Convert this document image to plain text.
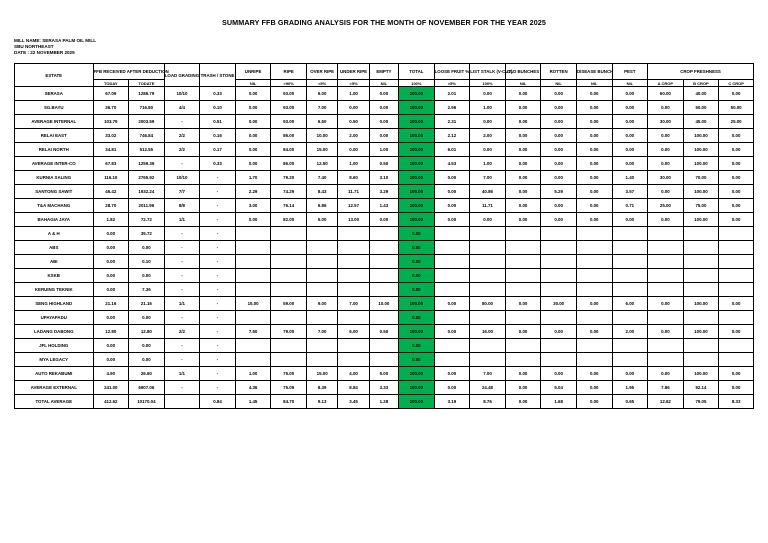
SUMMARY FFB GRADING ANALYSIS FOR THE MONTH OF NOVEMBER FOR THE YEAR 2025
MILL NAME: SERASA PALM OIL MILL
SBU NORTHEAST
DATE : 22 NOVEMBER 2025
ESTATE	FFB RECEIVED AFTER DEDUCTION		LOAD GRADING	TRASH / STONE	UNRIPE	RIPE	OVER RIPE	UNDER RIPE	EMPTY	TOTAL	LOOSE FRUIT %	LIST STALK (V-CUT)	OLD BUNCHES	ROTTEN	DISEASE BUNCH	PEST	CROP FRESHNESS		
	TODAY	TODATE			NIL	>90%	<5%	<5%	NIL	100%	>5%	100%	NIL	NIL	NIL	NIL	A CROP	B CROP	C CROP
SERASA	67.09	1286.79	10/10	0.33	0.00	93.00	6.00	1.00	0.00	100.00	2.01	0.00	0.00	0.00	0.00	0.00	60.00	40.00	0.00
SG.BAYU	36.70	716.80	4/4	0.10	0.00	93.00	7.00	0.00	0.00	100.00	2.96	1.00	0.00	0.00	0.00	0.00	0.00	50.00	50.00
AVERAGE INTERNAL	103.79	2003.59	-	0.51	0.00	93.00	6.50	0.50	0.00	100.00	2.31	0.00	0.00	0.00	0.00	0.00	30.00	45.00	25.00
RELAI EAST	33.02	746.84	2/2	0.16	0.00	86.00	10.00	2.00	0.00	100.00	2.12	2.00	0.00	0.00	0.00	0.00	0.00	100.00	0.00
RELAI NORTH	34.81	512.55	2/2	0.17	0.00	84.00	15.00	0.00	1.00	100.00	6.01	0.00	0.00	0.00	0.00	0.00	0.00	100.00	0.00
AVERAGE INTER-CO	67.83	1259.39	-	0.33	0.00	86.00	12.50	1.00	0.50	100.00	4.53	1.00	0.00	0.00	0.00	0.00	0.00	100.00	0.00
KURNIA SALING	116.10	2765.92	10/10	-	1.70	79.20	7.40	8.60	3.10	100.00	0.00	7.00	0.00	0.00	0.00	1.40	30.00	70.00	0.00
SANTONG SAWIT	46.42	1932.24	7/7	-	2.29	74.29	8.43	11.71	3.29	100.00	0.00	40.86	0.00	5.29	0.00	3.57	0.00	100.00	0.00
T&A MACHANG	28.70	2011.96	8/8	-	3.00	76.14	6.86	12.57	1.43	100.00	0.00	11.71	0.00	0.00	0.00	0.71	25.00	75.00	0.00
BAHAGIA JAYA	1.82	72.72	1/1	-	0.00	82.00	5.00	13.00	0.00	100.00	0.00	0.00	0.00	0.00	0.00	0.00	0.00	100.00	0.00
A & H	0.00	35.72	-	-						0.00									
ABS	0.00	0.00	-	-						0.00									
ABI	0.00	0.10	-	-						0.00									
KSKB	0.00	0.00	-	-						0.00									
KERUING TEKNIK	0.00	7.36	-	-						0.00									
SENG HIGHLAND	21.16	21.16	1/1	-	15.00	59.00	9.00	7.00	10.00	100.00	0.00	80.00	0.00	30.00	0.00	6.00	0.00	100.00	0.00
UPAYAPADU	0.00	0.00	-	-						0.00									
LADANG DABONG	12.80	12.80	2/2	-	7.50	79.00	7.00	6.00	0.50	100.00	0.00	16.00	0.00	0.00	0.00	2.00	0.00	100.00	0.00
JFL HOLDING	0.00	0.00	-	-						0.00									
MYA LEGACY	0.00	0.00	-	-						0.00									
AUTO REKABUMI	4.90	26.60	1/1	-	1.00	75.00	15.00	4.00	5.00	100.00	0.00	7.00	0.00	0.00	0.00	0.00	0.00	100.00	0.00
AVERAGE EXTERNAL	241.00	6907.06	-	-	4.36	75.09	8.39	8.84	3.33	100.00	0.00	24.48	0.00	5.04	0.00	1.95	7.86	92.14	0.00
TOTAL AVERAGE	412.62	10170.04		0.84	1.45	84.70	9.13	3.45	1.28	100.00	3.19	8.76	0.00	1.68	0.00	0.65	12.62	79.05	8.33
